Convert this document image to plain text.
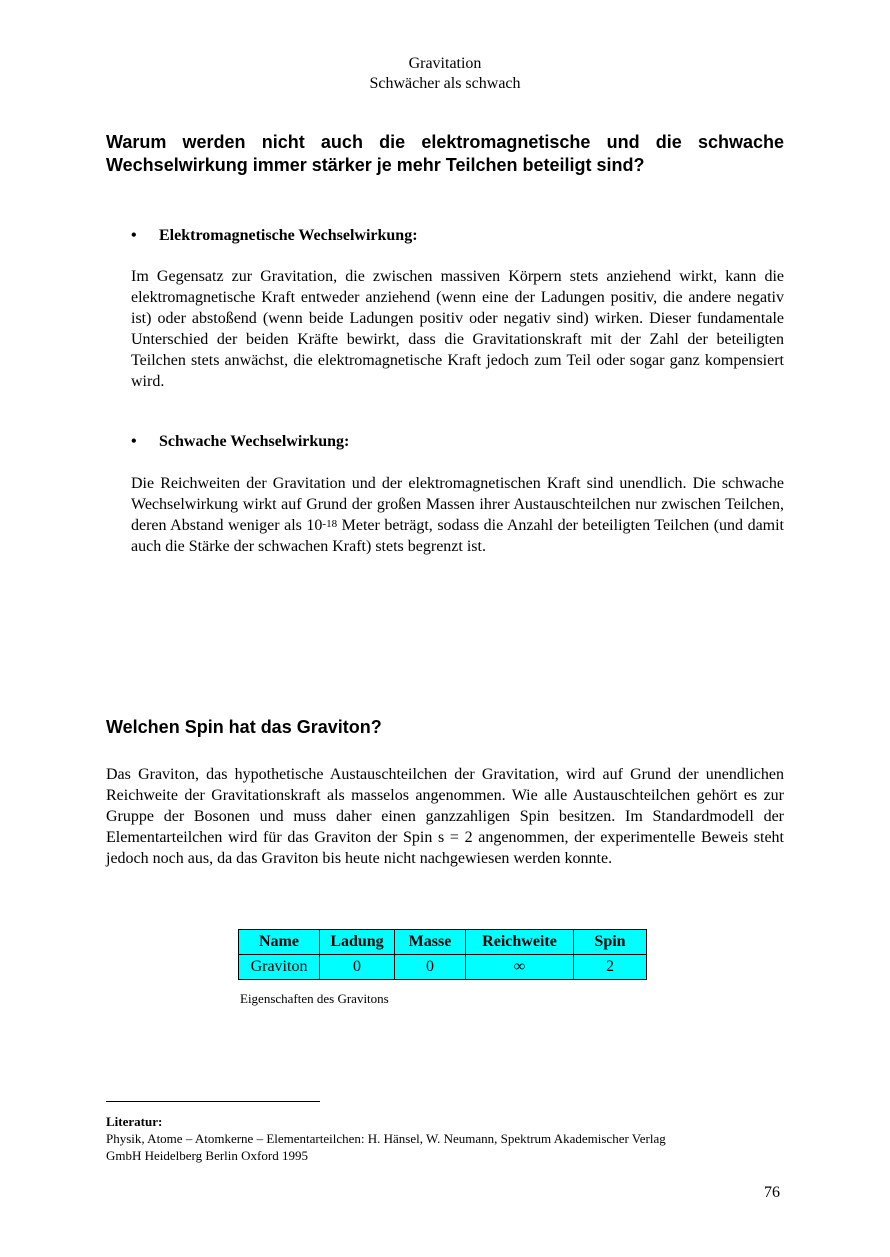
Gravitation
Schwächer als schwach
Warum werden nicht auch die elektromagnetische und die schwache Wechselwirkung immer stärker je mehr Teilchen beteiligt sind?
• Elektromagnetische Wechselwirkung:

Im Gegensatz zur Gravitation, die zwischen massiven Körpern stets anziehend wirkt, kann die elektromagnetische Kraft entweder anziehend (wenn eine der Ladungen positiv, die andere negativ ist) oder abstoßend (wenn beide Ladungen positiv oder negativ sind) wirken. Dieser fundamentale Unterschied der beiden Kräfte bewirkt, dass die Gravitationskraft mit der Zahl der beteiligten Teilchen stets anwächst, die elektromagnetische Kraft jedoch zum Teil oder sogar ganz kompensiert wird.

• Schwache Wechselwirkung:

Die Reichweiten der Gravitation und der elektromagnetischen Kraft sind unendlich. Die schwache Wechselwirkung wirkt auf Grund der großen Massen ihrer Austauschteilchen nur zwischen Teilchen, deren Abstand weniger als $10^{-18}$ Meter beträgt, sodass die Anzahl der beteiligten Teilchen (und damit auch die Stärke der schwachen Kraft) stets begrenzt ist.

Welchen Spin hat das Graviton?

Das Graviton, das hypothetische Austauschteilchen der Gravitation, wird auf Grund der unendlichen Reichweite der Gravitationskraft als masselos angenommen. Wie alle Austauschteilchen gehört es zur Gruppe der Bosonen und muss daher einen ganzzahligen Spin besitzen. Im Standardmodell der Elementarteilchen wird für das Graviton der Spin s = 2 angenommen, der experimentelle Beweis steht jedoch noch aus, da das Graviton bis heute nicht nachgewiesen werden konnte.

Name	Ladung	Masse	Reichweite	Spin
Graviton	0	0	∞	2
Eigenschaften des Gravitons
Literatur:
Physik, Atome – Atomkerne – Elementarteilchen: H. Hänsel, W. Neumann, Spektrum Akademischer Verlag
GmbH Heidelberg Berlin Oxford 1995
76
